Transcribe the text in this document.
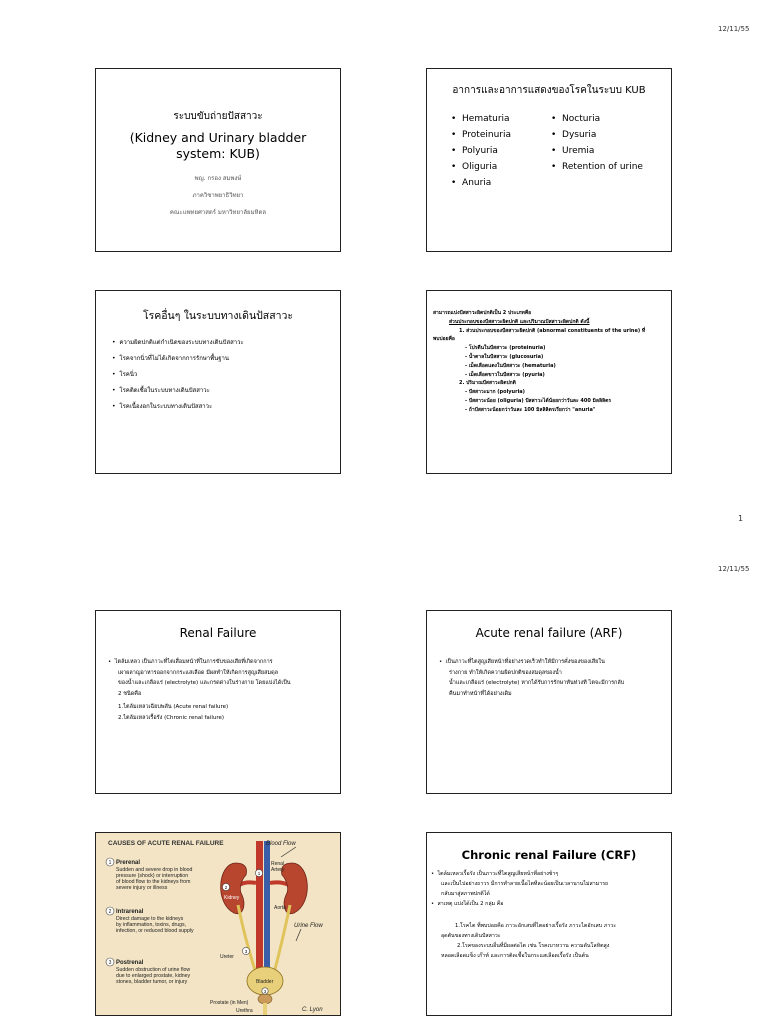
12/11/55
1
12/11/55
ระบบขับถ่ายปัสสาวะ
(Kidney and Urinary bladder
system: KUB)
พญ. กรอง สมพงษ์
ภาควิชาพยาธิวิทยา
คณะแพทยศาสตร์ มหาวิทยาลัยมหิดล
อาการและอาการแสดงของโรคในระบบ KUB
•  Hematuria
•  Proteinuria
•  Polyuria
•  Oliguria
•  Anuria
•  Nocturia
•  Dysuria
•  Uremia
•  Retention of urine
โรคอื่นๆ ในระบบทางเดินปัสสาวะ
•  ความผิดปกติแต่กำเนิดของระบบทางเดินปัสสาวะ
•  โรคจากนิ่วที่ไม่ได้เกิดจากการรักษาพื้นฐาน
•  โรคนิ่ว
•  โรคติดเชื้อในระบบทางเดินปัสสาวะ
•  โรคเนื้องอกในระบบทางเดินปัสสาวะ
สามารถแบ่งปัสสาวะผิดปกติเป็น 2 ประเภทคือ
ส่วนประกอบของปัสสาวะผิดปกติ และปริมาณปัสสาวะผิดปกติ ดังนี้
1. ส่วนประกอบของปัสสาวะผิดปกติ (abnormal constituents of the urine) ที่
พบบ่อยคือ
- โปรตีนในปัสสาวะ (proteinuria)
- น้ำตาลในปัสสาวะ (glucosuria)
- เม็ดเลือดแดงในปัสสาวะ (hematuria)
- เม็ดเลือดขาวในปัสสาวะ (pyuria)
2. ปริมาณปัสสาวะผิดปกติ
- ปัสสาวะมาก (polyuria)
- ปัสสาวะน้อย (oliguria) ปัสสาวะได้น้อยกว่าวันละ 400 มิลลิลิตร
- ถ้าปัสสาวะน้อยกว่าวันละ 100 มิลลิลิตรเรียกว่า "anuria"
Renal Failure
•  ไตล้มเหลว เป็นภาวะที่ไตเสื่อมหน้าที่ในการขับของเสียที่เกิดจากการ
เผาผลาญอาหารออกจากกระแสเลือด มีผลทำให้เกิดการสูญเสียสมดุล
ของน้ำและเกลือแร่ (electrolyte) และกรดด่างในร่างกาย โดยแบ่งได้เป็น
2 ชนิดคือ
1.ไตล้มเหลวเฉียบพลัน (Acute renal failure)
2.ไตล้มเหลวเรื้อรัง (Chronic renal failure)
Acute renal failure (ARF)
•  เป็นภาวะที่ไตสูญเสียหน้าที่อย่างรวดเร็วทำให้มีการคั่งของของเสียใน
ร่างกาย ทำให้เกิดความผิดปกติของสมดุลของน้ำ
น้ำและเกลือแร่ (electrolyte) หากได้รับการรักษาทันท่วงที ไตจะมีการกลับ
คืนมาทำหน้าที่ได้อย่างเดิม
CAUSES OF ACUTE RENAL FAILURE
1 Prerenal
Sudden and severe drop in blood
pressure (shock) or interruption
of blood flow to the kidneys from
severe injury or illness
2 Intrarenal
Direct damage to the kidneys
by inflammation, toxins, drugs,
infection, or reduced blood supply
3 Postrenal
Sudden obstruction of urine flow
due to enlarged prostate, kidney
stones, bladder tumor, or injury
1
2
3
3
Blood Flow
Renal
Artery
Kidney
Aorta
Urine Flow
Ureter
Bladder
Prostate (in Men)
Urethra	C. Lyon
Chronic renal Failure (CRF)
•  ไตล้มเหลวเรื้อรัง เป็นภาวะที่ไตสูญเสียหน้าที่อย่างช้าๆ
และเป็นไปอย่างถาวร มีการทำลายเนื้อไตทีละน้อยเป็นเวลานานไม่สามารถ
กลับมาสู่สภาพปกติได้
•  สาเหตุ แบ่งได้เป็น 2 กลุ่ม คือ
1.โรคไต ที่พบบ่อยคือ ภาวะอักเสบที่ไตอย่างเรื้อรัง ภาวะไตอักเสบ ภาวะ
อุดตันของทางเดินปัสสาวะ
2.โรคของระบบอื่นที่มีผลต่อไต เช่น โรคเบาหวาน ความดันโลหิตสูง
หลอดเลือดแข็ง เก๊าท์ และการติดเชื้อในกระแสเลือดเรื้อรัง เป็นต้น
